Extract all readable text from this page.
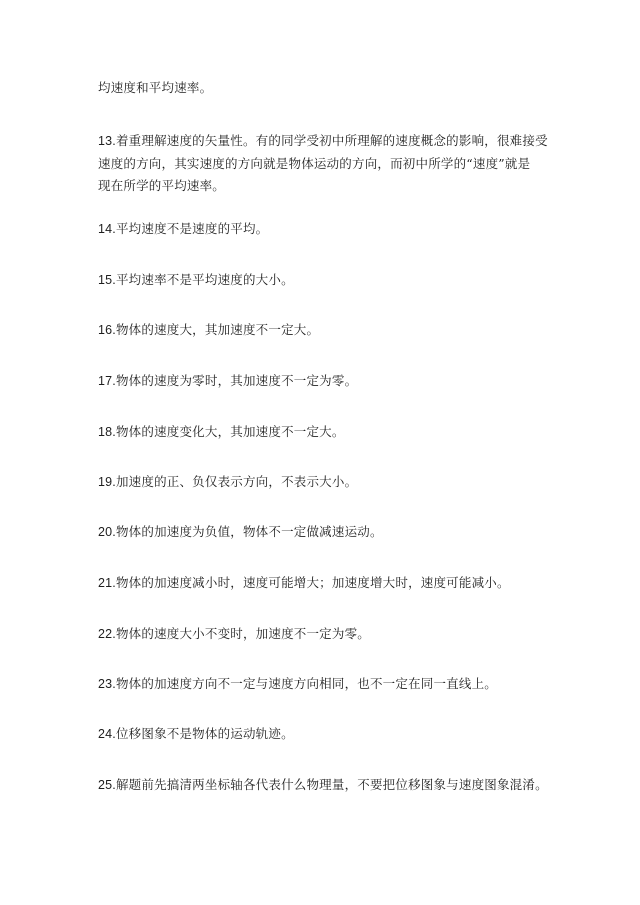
均速度和平均速率。
13.着重理解速度的矢量性。有的同学受初中所理解的速度概念的影响，很难接受
速度的方向，其实速度的方向就是物体运动的方向，而初中所学的“速度”就是
现在所学的平均速率。
14.平均速度不是速度的平均。
15.平均速率不是平均速度的大小。
16.物体的速度大，其加速度不一定大。
17.物体的速度为零时，其加速度不一定为零。
18.物体的速度变化大，其加速度不一定大。
19.加速度的正、负仅表示方向，不表示大小。
20.物体的加速度为负值，物体不一定做减速运动。
21.物体的加速度减小时，速度可能增大；加速度增大时，速度可能减小。
22.物体的速度大小不变时，加速度不一定为零。
23.物体的加速度方向不一定与速度方向相同，也不一定在同一直线上。
24.位移图象不是物体的运动轨迹。
25.解题前先搞清两坐标轴各代表什么物理量，不要把位移图象与速度图象混淆。
